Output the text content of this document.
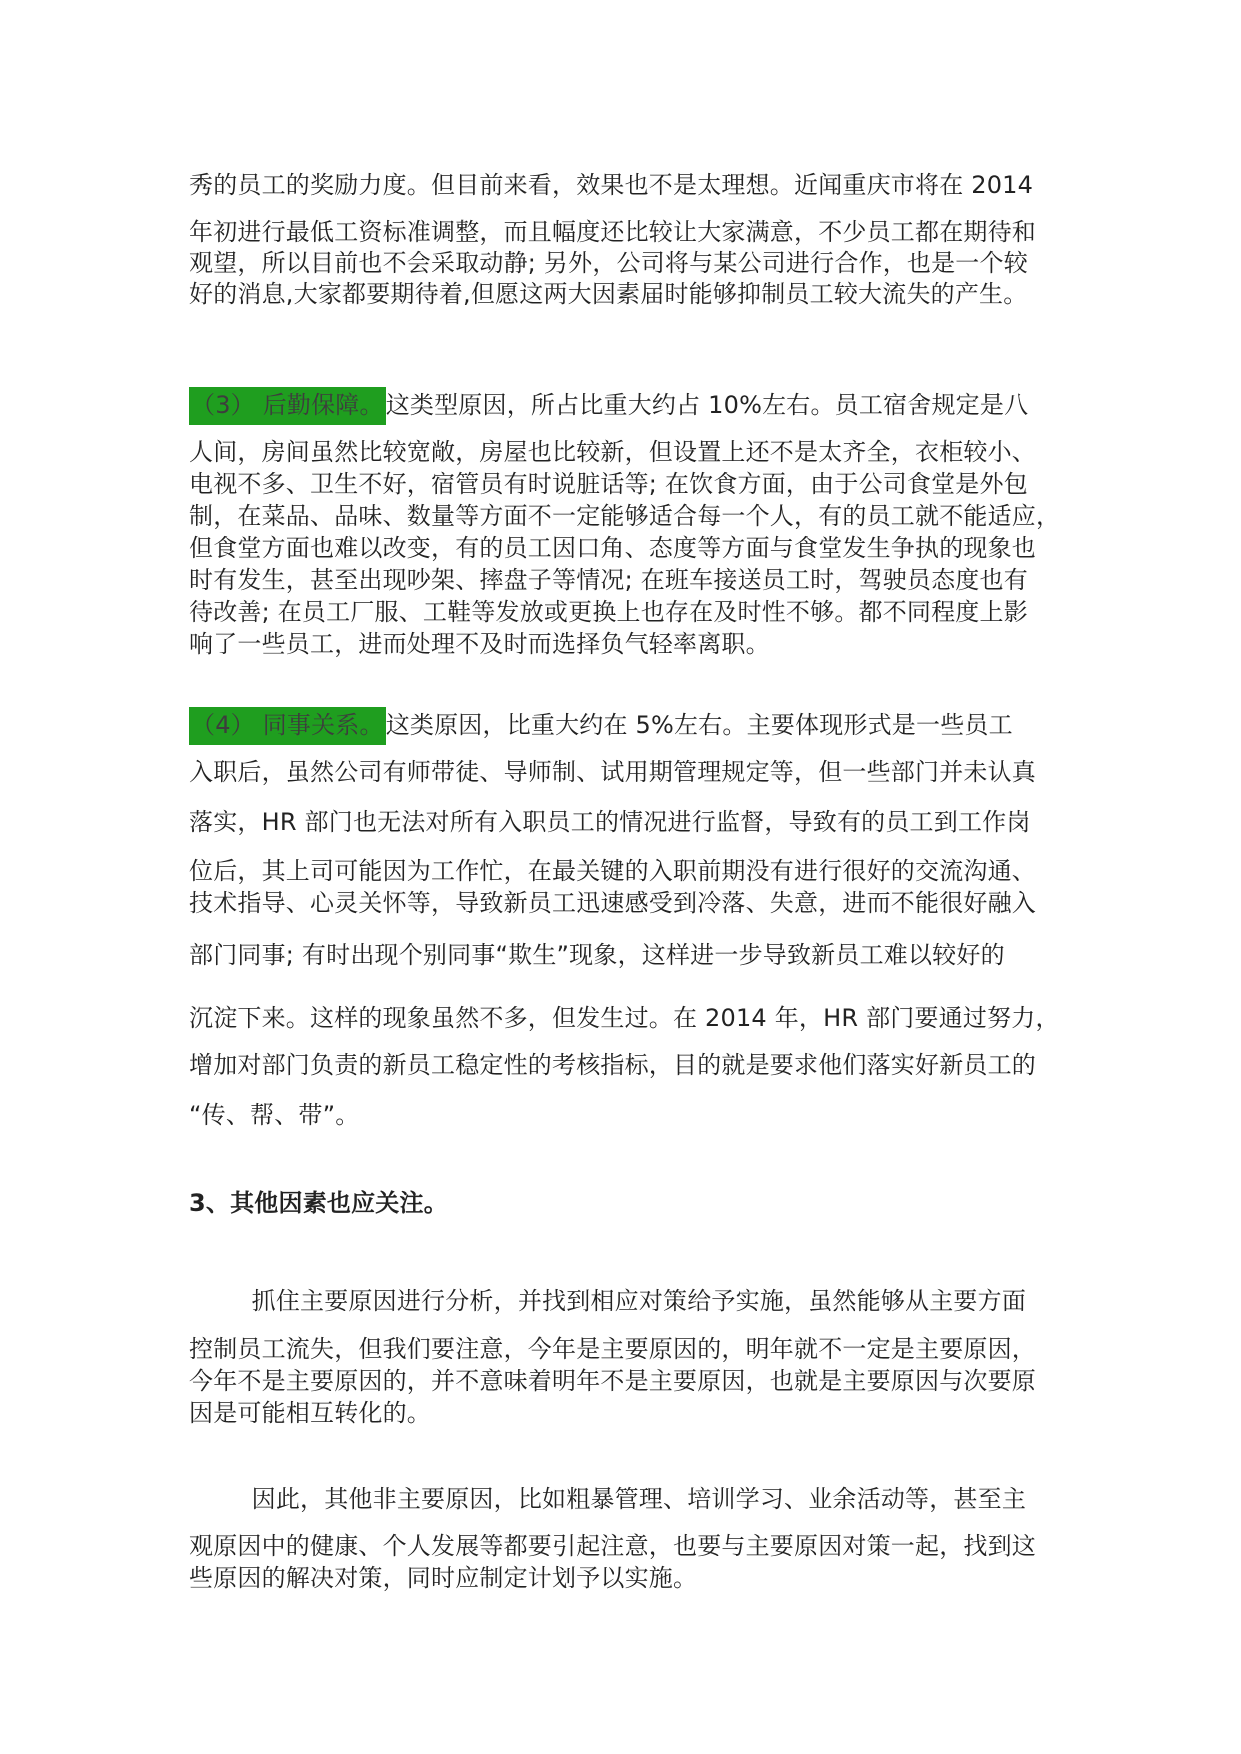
秀的员工的奖励力度。但目前来看，效果也不是太理想。近闻重庆市将在 2014

年初进行最低工资标准调整，而且幅度还比较让大家满意，不少员工都在期待和

观望，所以目前也不会采取动静; 另外，公司将与某公司进行合作，也是一个较

好的消息,大家都要期待着,但愿这两大因素届时能够抑制员工较大流失的产生。

（3） 后勤保障。这类型原因，所占比重大约占 10%左右。员工宿舍规定是八

人间，房间虽然比较宽敞，房屋也比较新，但设置上还不是太齐全，衣柜较小、

电视不多、卫生不好，宿管员有时说脏话等; 在饮食方面，由于公司食堂是外包

制，在菜品、品味、数量等方面不一定能够适合每一个人，有的员工就不能适应，

但食堂方面也难以改变，有的员工因口角、态度等方面与食堂发生争执的现象也

时有发生，甚至出现吵架、摔盘子等情况; 在班车接送员工时，驾驶员态度也有

待改善; 在员工厂服、工鞋等发放或更换上也存在及时性不够。都不同程度上影

响了一些员工，进而处理不及时而选择负气轻率离职。

（4） 同事关系。这类原因，比重大约在 5%左右。主要体现形式是一些员工

入职后，虽然公司有师带徒、导师制、试用期管理规定等，但一些部门并未认真

落实，HR 部门也无法对所有入职员工的情况进行监督，导致有的员工到工作岗

位后，其上司可能因为工作忙，在最关键的入职前期没有进行很好的交流沟通、

技术指导、心灵关怀等，导致新员工迅速感受到冷落、失意，进而不能很好融入

部门同事; 有时出现个别同事“欺生”现象，这样进一步导致新员工难以较好的

沉淀下来。这样的现象虽然不多，但发生过。在 2014 年，HR 部门要通过努力，

增加对部门负责的新员工稳定性的考核指标，目的就是要求他们落实好新员工的

“传、帮、带”。

3、其他因素也应关注。

抓住主要原因进行分析，并找到相应对策给予实施，虽然能够从主要方面

控制员工流失，但我们要注意，今年是主要原因的，明年就不一定是主要原因，

今年不是主要原因的，并不意味着明年不是主要原因，也就是主要原因与次要原

因是可能相互转化的。

因此，其他非主要原因，比如粗暴管理、培训学习、业余活动等，甚至主

观原因中的健康、个人发展等都要引起注意，也要与主要原因对策一起，找到这

些原因的解决对策，同时应制定计划予以实施。
